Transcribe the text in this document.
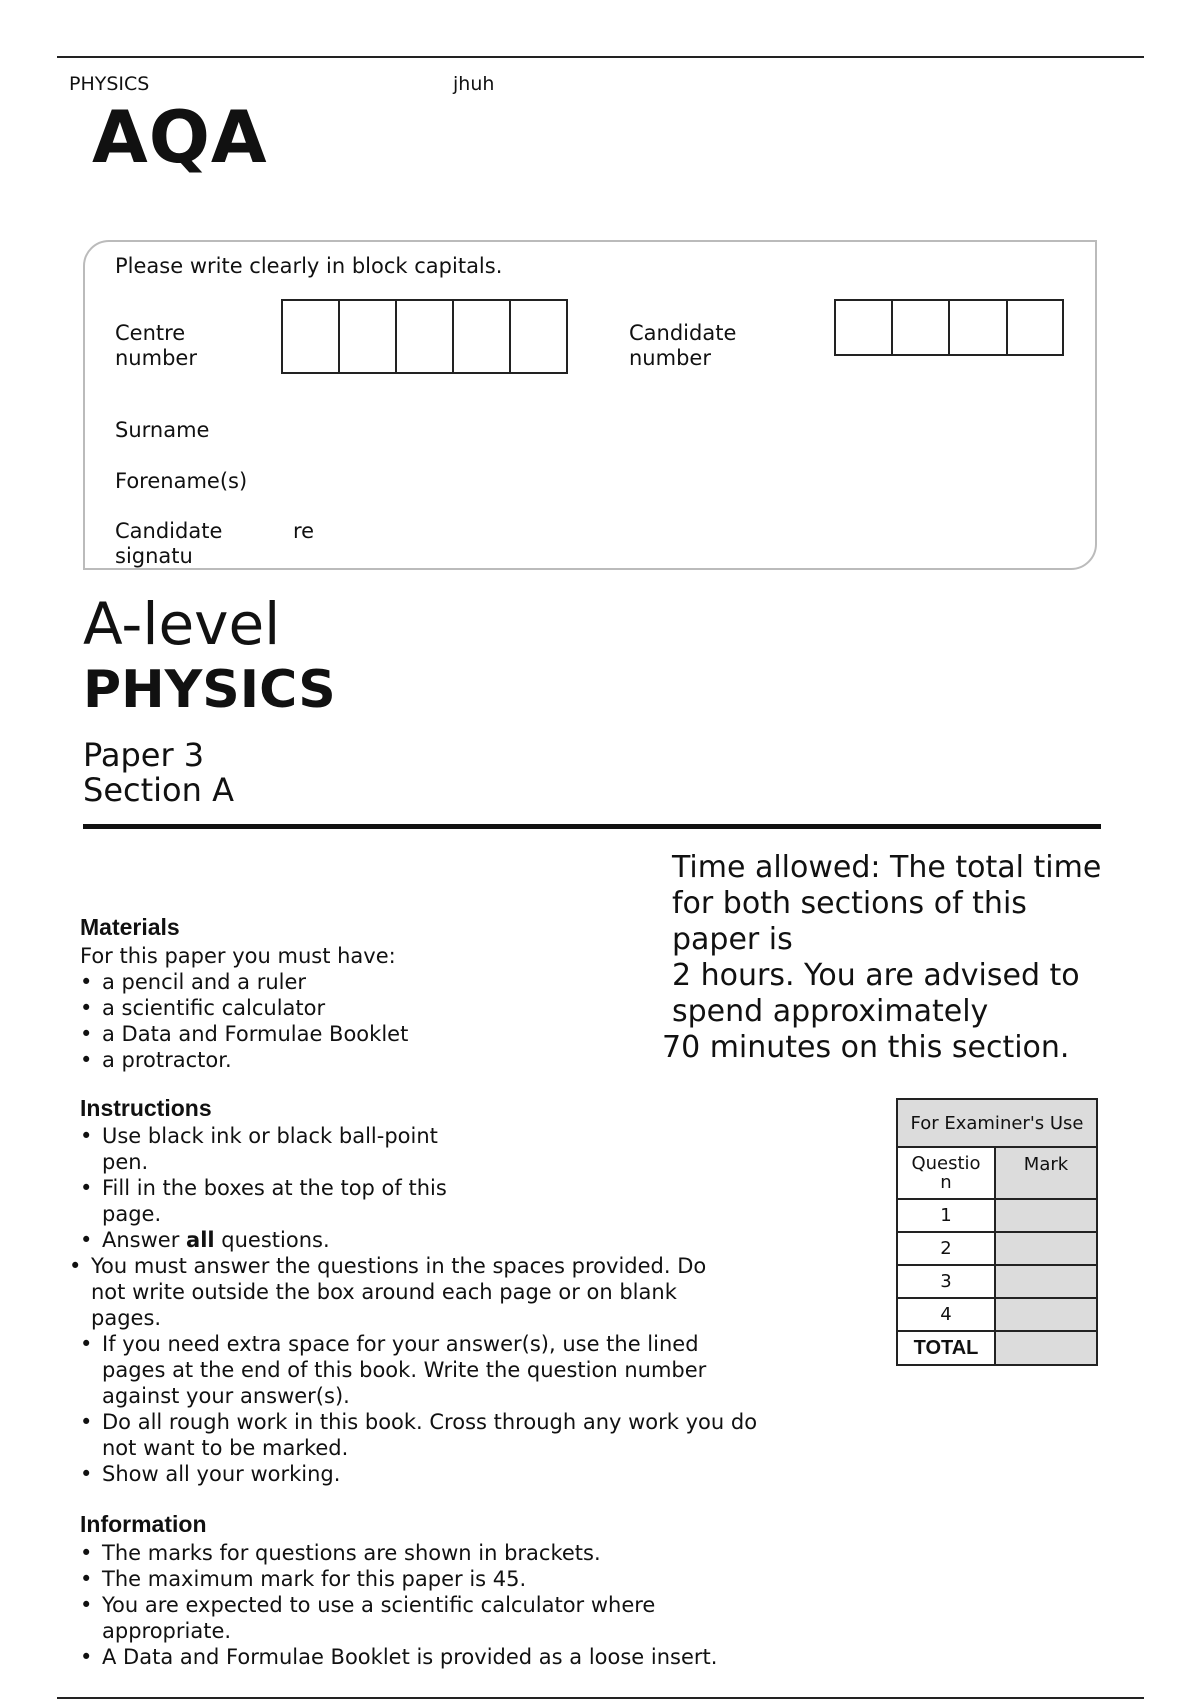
PHYSICS	jhuh
AQA
Please write clearly in block capitals.
Centre
number
Candidate
number
Surname
Forename(s)
Candidate
signatu
re
A-level
PHYSICS
Paper 3
Section A
Time allowed: The total time
for both sections of this
paper is
2 hours. You are advised to
spend approximately
70 minutes on this section.
Materials
For this paper you must have:
• a pencil and a ruler
• a scientific calculator
• a Data and Formulae Booklet
• a protractor.
Instructions
• Use black ink or black ball-point
pen.
• Fill in the boxes at the top of this
page.
• Answer all questions.
• You must answer the questions in the spaces provided. Do
not write outside the box around each page or on blank
pages.
• If you need extra space for your answer(s), use the lined
pages at the end of this book. Write the question number
against your answer(s).
• Do all rough work in this book. Cross through any work you do
not want to be marked.
• Show all your working.
Information
• The marks for questions are shown in brackets.
• The maximum mark for this paper is 45.
• You are expected to use a scientific calculator where
appropriate.
• A Data and Formulae Booklet is provided as a loose insert.
For Examiner's Use	
Questio
n	Mark
1	
2	
3	
4	
TOTAL	
